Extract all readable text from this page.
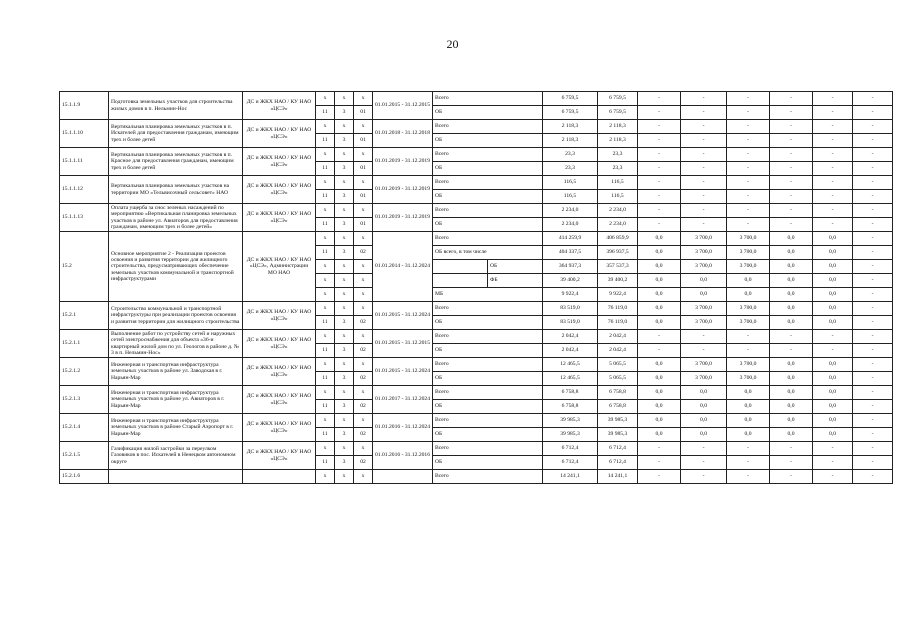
20
15.1.1.9	Подготовка земельных участков для строительства жилых домов в п. Нельмин-Нос	ДС и ЖКХ НАО / КУ НАО «ЦСЭ»	x	x	x	01.01.2015 - 31.12.2015	Всего		6 759,5	6 759,5	-	-	-	-	-	-	
			11	3	01		ОБ		6 759,5	6 759,5	-	-	-	-	-	-	
15.1.1.10	Вертикальная планировка земельных участков в п. Искателей для предоставления гражданам, имеющим трех и более детей	ДС и ЖКХ НАО / КУ НАО «ЦСЭ»	x	x	x	01.01.2018 - 31.12.2018	Всего		2 118,3	2 118,3	-	-	-	-	-	-	
			11	3	01		ОБ		2 118,3	2 118,3	-	-	-	-	-	-	
15.1.1.11	Вертикальная планировка земельных участков в п. Красное для предоставления гражданам, имеющим трех и более детей	ДС и ЖКХ НАО / КУ НАО «ЦСЭ»	x	x	x	01.01.2019 - 31.12.2019	Всего		23,3	23,3	-	-	-	-	-	-	
			11	3	01		ОБ		23,3	23,3	-	-	-	-	-	-	
15.1.1.12	Вертикальная планировка земельных участков на территории МО «Тельвисочный сельсовет» НАО	ДС и ЖКХ НАО / КУ НАО «ЦСЭ»	x	x	x	01.01.2019 - 31.12.2019	Всего		116,5	116,5	-	-	-	-	-	-	
			11	3	01		ОБ		116,5	116,5	-	-	-	-	-	-	
15.1.1.13	Оплата ущерба за снос зеленых насаждений по мероприятию «Вертикальная планировка земельных участков в районе ул. Авиаторов для предоставления гражданам, имеющим трех и более детей»	ДС и ЖКХ НАО / КУ НАО «ЦСЭ»	x	x	x	01.01.2019 - 31.12.2019	Всего		2 234,0	2 234,0	-	-	-	-	-	-	
			11	3	01		ОБ		2 234,0	2 234,0	-	-	-	-	-	-	
15.2	Основное мероприятие 2 - Реализация проектов освоения и развития территории для жилищного строительства, предусматривающих обеспечение земельных участков коммунальной и транспортной инфраструктурами	ДС и ЖКХ НАО / КУ НАО «ЦСЭ», Администрации МО НАО	x	x	x	01.01.2014 - 31.12.2024	Всего		414 259,9	406 859,9	0,0	3 700,0	3 700,0	0,0	0,0	-	
			11	3	02		ОБ всего, в том числе		404 337,5	396 937,5	0,0	3 700,0	3 700,0	0,0	0,0	-	
			x	x	x			ОБ	364 937,3	357 537,3	0,0	3 700,0	3 700,0	0,0	0,0	-	
			x	x	x			ФБ	39 400,2	39 400,2	0,0	0,0	0,0	0,0	0,0	-	
			x	x	x		МБ		9 922,4	9 922,4	0,0	0,0	0,0	0,0	0,0	-	
15.2.1	Строительство коммунальной и транспортной инфраструктуры при реализации проектов освоения и развития территории для жилищного строительства	ДС и ЖКХ НАО / КУ НАО «ЦСЭ»	x	x	x	01.01.2015 - 31.12.2024	Всего		83 519,0	76 119,0	0,0	3 700,0	3 700,0	0,0	0,0	-	
			11	3	02		ОБ		83 519,0	76 119,0	0,0	3 700,0	3 700,0	0,0	0,0	-	
15.2.1.1	Выполнение работ по устройству сетей и наружных сетей электроснабжения для объекта «36-и квартирный жилой дом по ул. Геологов в районе д. № 3 в п. Нельмин-Нос»	ДС и ЖКХ НАО / КУ НАО «ЦСЭ»	x	x	x	01.01.2015 - 31.12.2015	Всего		2 042,4	2 042,4	-	-	-	-	-	-	
			11	3	02		ОБ		2 042,4	2 042,4	-	-	-	-	-	-	
15.2.1.2	Инженерная и транспортная инфраструктура земельных участков в районе ул. Заводская в г. Нарьян-Мар	ДС и ЖКХ НАО / КУ НАО «ЦСЭ»	x	x	x	01.01.2015 - 31.12.2024	Всего		12 465,5	5 065,5	0,0	3 700,0	3 700,0	0,0	0,0	-	
			11	3	02		ОБ		12 465,5	5 065,5	0,0	3 700,0	3 700,0	0,0	0,0	-	
15.2.1.3	Инженерная и транспортная инфраструктура земельных участков в районе ул. Авиаторов в г. Нарьян-Мар	ДС и ЖКХ НАО / КУ НАО «ЦСЭ»	x	x	x	01.01.2017 - 31.12.2024	Всего		6 758,8	6 758,8	0,0	0,0	0,0	0,0	0,0	-	
			11	3	02		ОБ		6 758,8	6 758,8	0,0	0,0	0,0	0,0	0,0	-	
15.2.1.4	Инженерная и транспортная инфраструктура земельных участков в районе Старый Аэропорт в г. Нарьян-Мар	ДС и ЖКХ НАО / КУ НАО «ЦСЭ»	x	x	x	01.01.2016 - 31.12.2024	Всего		39 985,3	39 985,3	0,0	0,0	0,0	0,0	0,0	-	
			11	3	02		ОБ		39 985,3	39 985,3	0,0	0,0	0,0	0,0	0,0	-	
15.2.1.5	Газификация жилой застройки за переулком Газовиков в пос. Искателей в Ненецком автономном округе	ДС и ЖКХ НАО / КУ НАО «ЦСЭ»	x	x	x	01.01.2016 - 31.12.2016	Всего		6 712,4	6 712,4	-	-	-	-	-	-	
			11	3	02		ОБ		6 712,4	6 712,4	-	-	-	-	-	-	
15.2.1.6			x	x	x		Всего		14 241,1	14 241,1	-	-	-	-	-	-	
